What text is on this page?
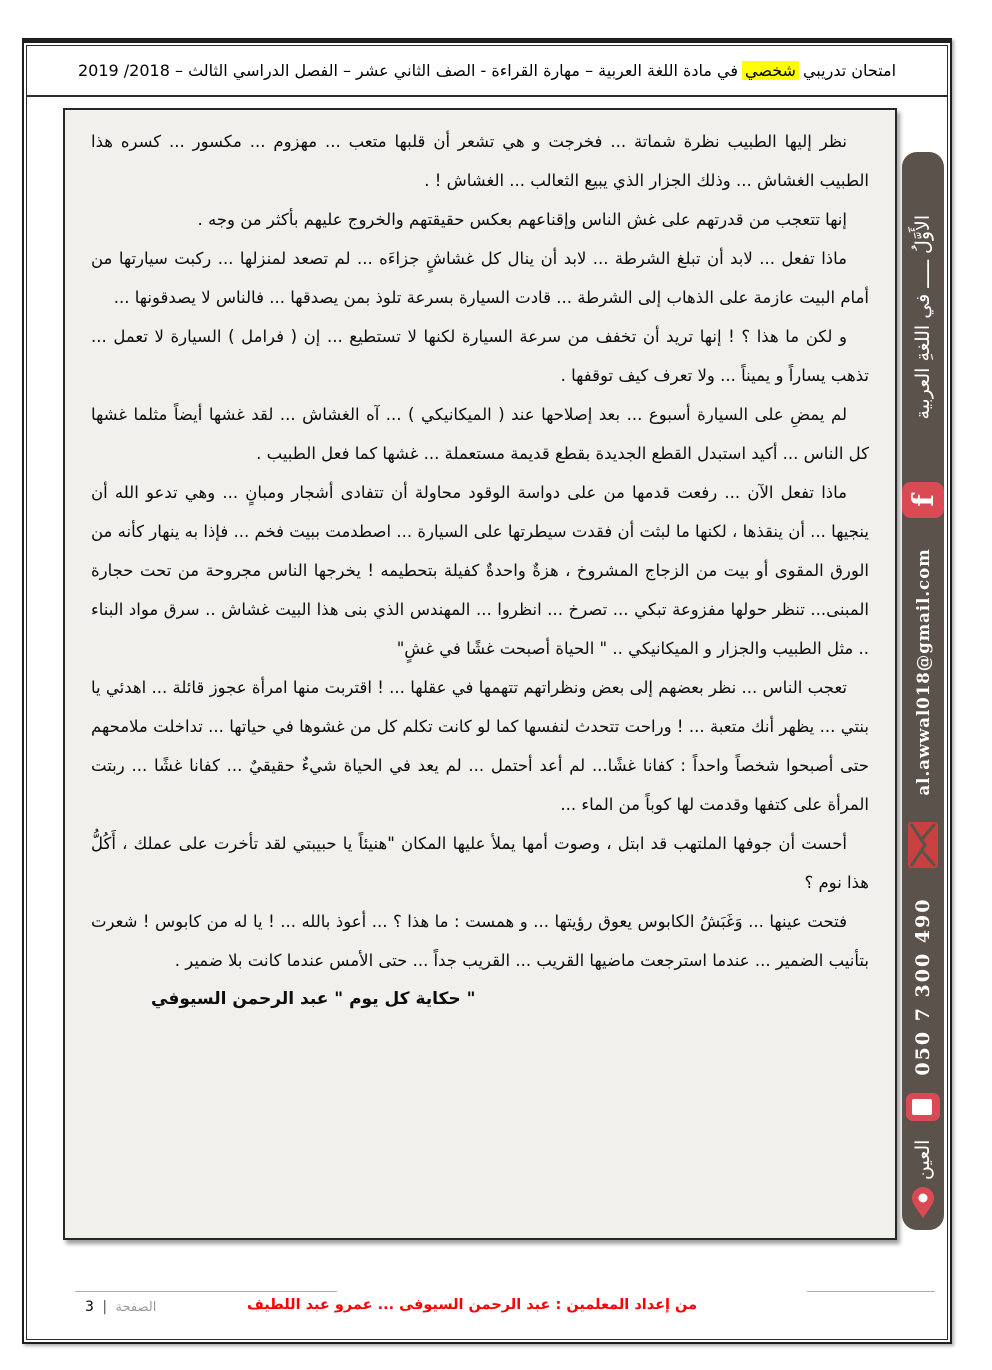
امتحان تدريبي
شخصي
في مادة اللغة العربية – مهارة القراءة - الصف الثاني عشر – الفصل الدراسي الثالث – 2018/ 2019

نظر إليها الطبيب نظرة شماتة ... فخرجت و هي تشعر أن قلبها متعب ... مهزوم ... مكسور ... كسره هذا الطبيب الغشاش ... وذلك الجزار الذي يبيع الثعالب ... الغشاش ! .

إنها تتعجب من قدرتهم على غش الناس وإقناعهم بعكس حقيقتهم والخروج عليهم بأكثر من وجه .

ماذا تفعل ... لابد أن تبلغ الشرطة ... لابد أن ينال كل غشاشٍ جزاءَه ... لم تصعد لمنزلها ... ركبت سيارتها من أمام البيت عازمة على الذهاب إلى الشرطة ... قادت السيارة بسرعة تلوذ بمن يصدقها ... فالناس لا يصدقونها ...

و لكن ما هذا ؟ ! إنها تريد أن تخفف من سرعة السيارة لكنها لا تستطيع ... إن ( فرامل ) السيارة لا تعمل ... تذهب يساراً و يميناً ... ولا تعرف كيف توقفها .

لم يمضِ على السيارة أسبوع ... بعد إصلاحها عند ( الميكانيكي ) ... آه الغشاش ... لقد غشها أيضاً مثلما غشها كل الناس ... أكيد استبدل القطع الجديدة بقطع قديمة مستعملة ... غشها كما فعل الطبيب .

ماذا تفعل الآن ... رفعت قدمها من على دواسة الوقود محاولة أن تتفادى أشجار ومبانٍ ... وهي تدعو الله أن ينجيها ... أن ينقذها ، لكنها ما لبثت أن فقدت سيطرتها على السيارة ... اصطدمت ببيت فخم ... فإذا به ينهار كأنه من الورق المقوى أو بيت من الزجاج المشروخ ، هزةٌ واحدةٌ كفيلة بتحطيمه ! يخرجها الناس مجروحة من تحت حجارة المبنى... تنظر حولها مفزوعة تبكي ... تصرخ ... انظروا ... المهندس الذي بنى هذا البيت غشاش .. سرق مواد البناء .. مثل الطبيب والجزار و الميكانيكي .. " الحياة أصبحت غشًا في غشٍ"

تعجب الناس ... نظر بعضهم إلى بعض ونظراتهم تتهمها في عقلها ... ! اقتربت منها امرأة عجوز قائلة ... اهدئي يا بنتي ... يظهر أنك متعبة ... ! وراحت تتحدث لنفسها كما لو كانت تكلم كل من غشوها في حياتها ... تداخلت ملامحهم حتى أصبحوا شخصاً واحداً : كفانا غشًا... لم أعد أحتمل ... لم يعد في الحياة شيءٌ حقيقيٌ ... كفانا غشًا ... ربتت المرأة على كتفها وقدمت لها كوباً من الماء ...

أحست أن جوفها الملتهب قد ابتل ، وصوت أمها يملأ عليها المكان "هنيئاً يا حبيبتي لقد تأخرت على عملك ، أَكُلُّ هذا نوم ؟

فتحت عينها ... وَغَبَشُ الكابوس يعوق رؤيتها ... و همست : ما هذا ؟ ... أعوذ بالله ... ! يا له من كابوس ! شعرت بتأنيب الضمير ... عندما استرجعت ماضيها القريب ... القريب جداً ... حتى الأمس عندما كانت بلا ضمير .

" حكاية كل يوم " عبد الرحمن السيوفي

الصفحة | 3	من إعداد المعلمين : عبد الرحمن السيوفى ... عمرو عبد اللطيف
العين
050 7 300 490
al.awwal018@gmail.com
f
الأَوَّلُ ـــــ في اللغةِ العربية
